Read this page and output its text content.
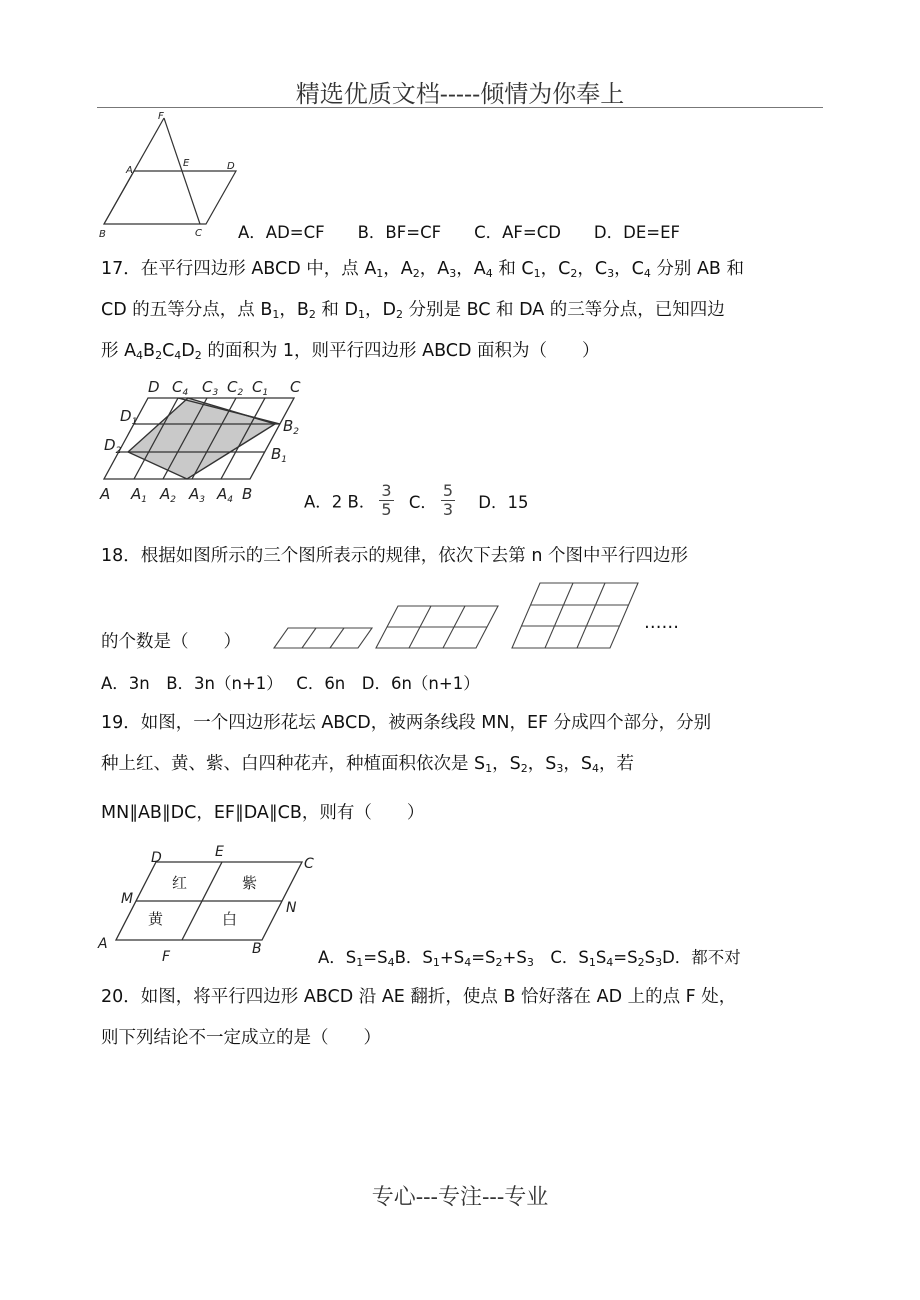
精选优质文档-----倾情为你奉上
专心---专注---专业
F
A
E	D
B	C A．AD=CF　　B．BF=CF　　C．AF=CD　　D．DE=EF
17．在平行四边形 ABCD 中，点 $A_1$，$A_2$，$A_3$，$A_4$ 和 $C_1$，$C_2$，$C_3$，$C_4$ 分别 AB 和
CD 的五等分点，点 $B_1$，$B_2$ 和 $D_1$，$D_2$ 分别是 BC 和 DA 的三等分点，已知四边
形 $A_4B_2C_4D_2$ 的面积为 1，则平行四边形 ABCD 面积为（　　）
D $C_4$ $C_3$ $C_2$ $C_1$ C
$D_1$
$D_2$
$B_2$
$B_1$
A $A_1$ $A_2$ $A_3$ $A_4$ B	A．2 B． $\frac{3}{5}$ C． $\frac{5}{3}$ D．15
18．根据如图所示的三个图所表示的规律，依次下去第 n 个图中平行四边形
……
的个数是（　　）
A．3n　B．3n（n+1）　 C．6n　D．6n（n+1）
19．如图，一个四边形花坛 ABCD，被两条线段 MN，EF 分成四个部分，分别
种上红、黄、紫、白四种花卉，种植面积依次是 $S_1$，$S_2$，$S_3$，$S_4$，若
MN∥AB∥DC，EF∥DA∥CB，则有（　　）
D	E
C
M
N
A
F	B
红	紫
黄	白
A．$S_1=S_4B$．$S_1+S_4=S_2+S_3$　C．$S_1S_4=S_2S_3D$．都不对
20．如图，将平行四边形 ABCD 沿 AE 翻折，使点 B 恰好落在 AD 上的点 F 处，
则下列结论不一定成立的是（　　）
